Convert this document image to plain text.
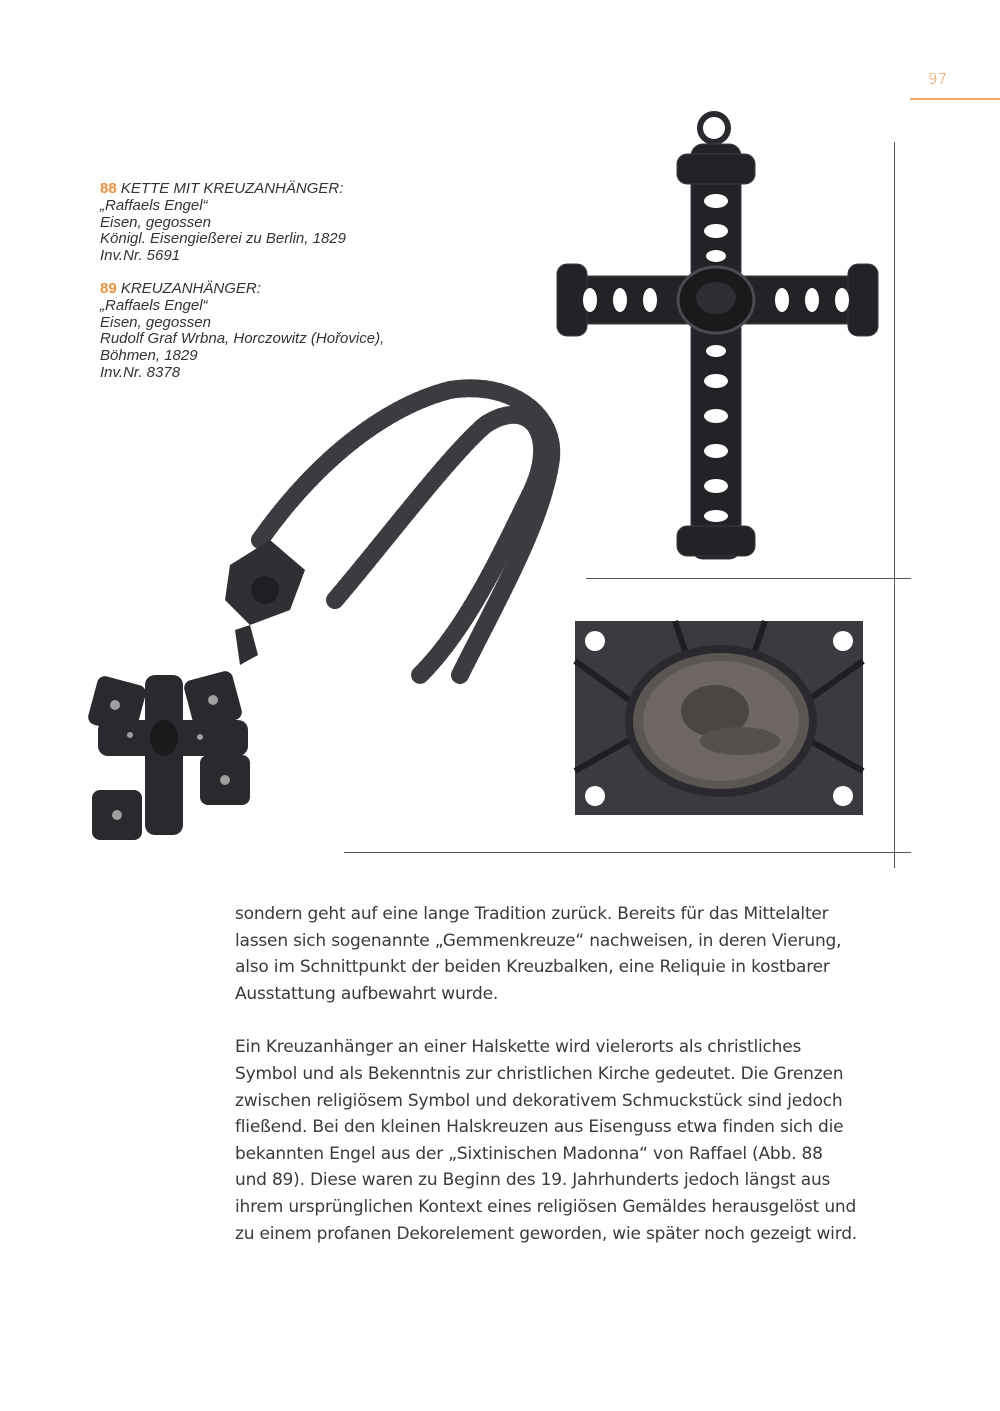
97
88 KETTE MIT KREUZANHÄNGER:
„Raffaels Engel“
Eisen, gegossen
Königl. Eisengießerei zu Berlin, 1829
Inv.Nr. 5691
89 KREUZANHÄNGER:
„Raffaels Engel“
Eisen, gegossen
Rudolf Graf Wrbna, Horczowitz (Hořovice),
Böhmen, 1829
Inv.Nr. 8378

sondern geht auf eine lange Tradition zurück. Bereits für das Mittelalter
lassen sich sogenannte „Gemmenkreuze“ nachweisen, in deren Vierung,
also im Schnittpunkt der beiden Kreuzbalken, eine Reliquie in kostbarer
Ausstattung aufbewahrt wurde.

Ein Kreuzanhänger an einer Halskette wird vielerorts als christliches
Symbol und als Bekenntnis zur christlichen Kirche gedeutet. Die Grenzen
zwischen religiösem Symbol und dekorativem Schmuckstück sind jedoch
fließend. Bei den kleinen Halskreuzen aus Eisenguss etwa finden sich die
bekannten Engel aus der „Sixtinischen Madonna“ von Raffael (Abb. 88
und 89). Diese waren zu Beginn des 19. Jahrhunderts jedoch längst aus
ihrem ursprünglichen Kontext eines religiösen Gemäldes herausgelöst und
zu einem profanen Dekorelement geworden, wie später noch gezeigt wird.
